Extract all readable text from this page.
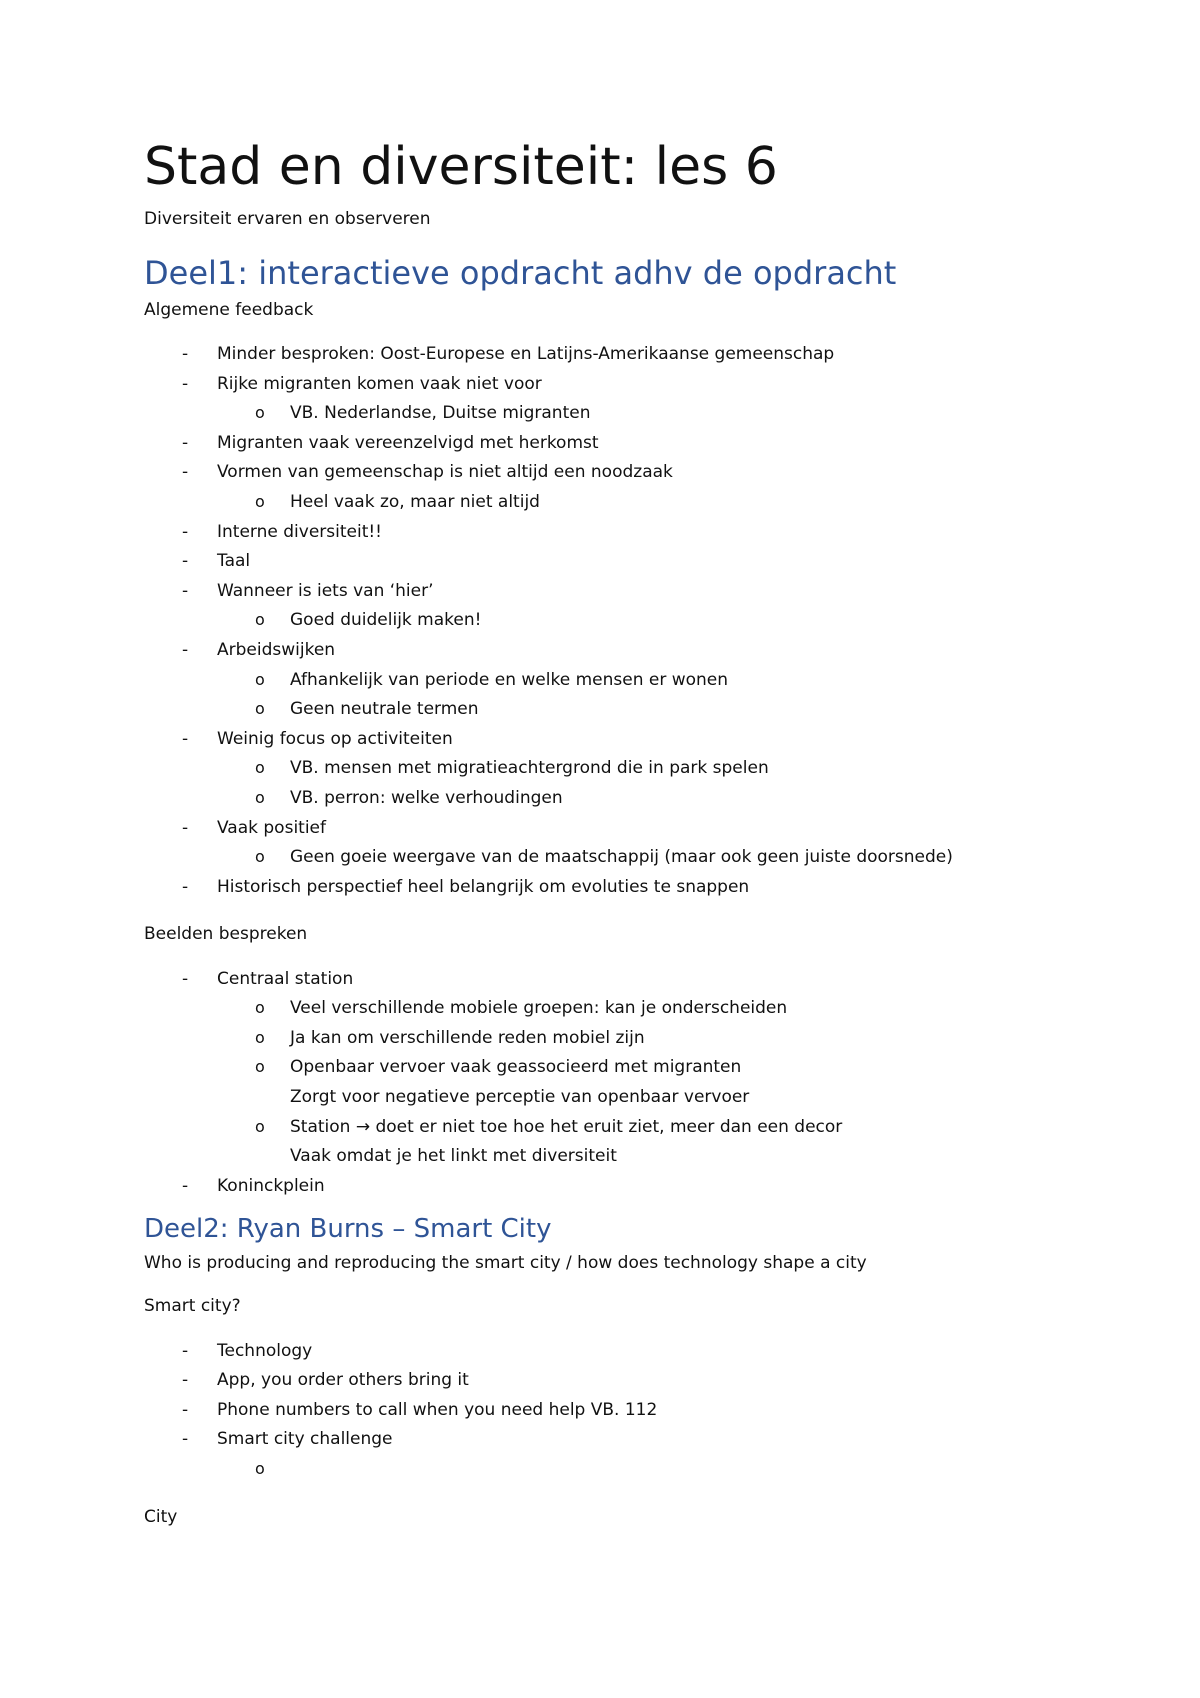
Stad en diversiteit: les 6

Diversiteit ervaren en observeren

Deel1: interactieve opdracht adhv de opdracht

Algemene feedback

- Minder besproken: Oost-Europese en Latijns-Amerikaanse gemeenschap
- Rijke migranten komen vaak niet voor
o VB. Nederlandse, Duitse migranten
- Migranten vaak vereenzelvigd met herkomst
- Vormen van gemeenschap is niet altijd een noodzaak
o Heel vaak zo, maar niet altijd
- Interne diversiteit!!
- Taal
- Wanneer is iets van ‘hier’
o Goed duidelijk maken!
- Arbeidswijken
o Afhankelijk van periode en welke mensen er wonen
o Geen neutrale termen
- Weinig focus op activiteiten
o VB. mensen met migratieachtergrond die in park spelen
o VB. perron: welke verhoudingen
- Vaak positief
o Geen goeie weergave van de maatschappij (maar ook geen juiste doorsnede)
- Historisch perspectief heel belangrijk om evoluties te snappen

Beelden bespreken

- Centraal station
o Veel verschillende mobiele groepen: kan je onderscheiden
o Ja kan om verschillende reden mobiel zijn
o Openbaar vervoer vaak geassocieerd met migranten
Zorgt voor negatieve perceptie van openbaar vervoer
o Station → doet er niet toe hoe het eruit ziet, meer dan een decor
Vaak omdat je het linkt met diversiteit
- Koninckplein
Deel2: Ryan Burns – Smart City

Who is producing and reproducing the smart city / how does technology shape a city

Smart city?

- Technology
- App, you order others bring it
- Phone numbers to call when you need help VB. 112
- Smart city challenge
o

City
